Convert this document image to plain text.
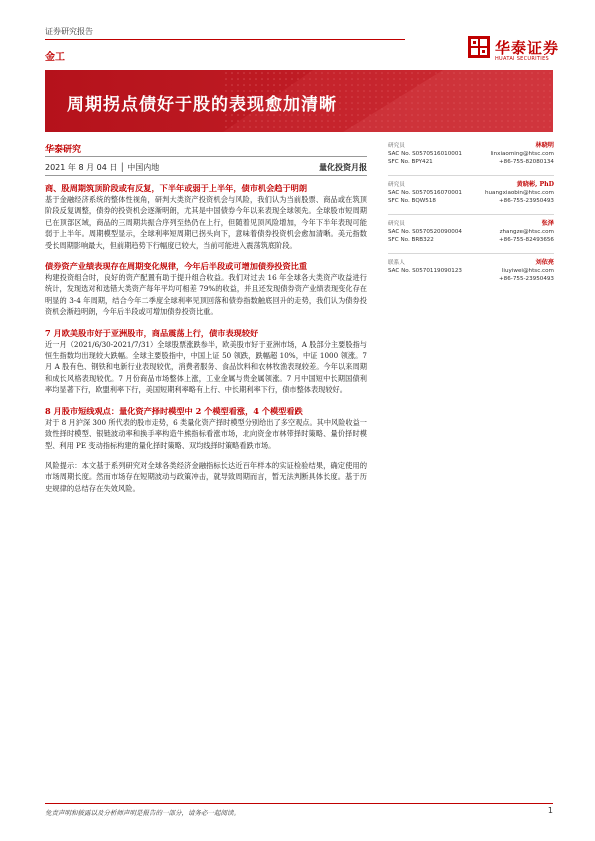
证券研究报告
金工
华泰证券
HUATAI SECURITIES
周期拐点债好于股的表现愈加清晰
华泰研究
2021 年 8 月 04 日 │ 中国内地	量化投资月报
商、股周期筑顶阶段或有反复，下半年或弱于上半年，债市机会趋于明朗
基于金融经济系统的整体性视角，研判大类资产投资机会与风险，我们认为当前股票、商品或在筑顶阶段反复调整，债券的投资机会逐渐明朗，尤其是中国债券今年以来表现全球领先。全球股市短周期已在顶部区域，商品的三周期共振合序列至热仍在上行，但随着见顶风险增加，今年下半年表现可能弱于上半年。周期模型显示，全球利率短周期已拐头向下，意味着债券投资机会愈加清晰。美元指数受长周期影响最大，但前期趋势下行幅度已较大，当前可能进入震荡筑底阶段。
债券资产业绩表现存在周期变化规律，今年后半段或可增加债券投资比重
构建投资组合时，良好的资产配置有助于提升组合收益。我们对过去 16 年全球各大类资产收益进行统计，发现选对和选错大类资产每年平均可相差 79%的收益，并且还发现债券资产业绩表现变化存在明显的 3-4 年周期，结合今年二季度全球利率见顶回落和债券指数触底回升的走势，我们认为债券投资机会渐趋明朗，今年后半段或可增加债券投资比重。
7 月欧美股市好于亚洲股市，商品震荡上行，债市表现较好
近一月（2021/6/30-2021/7/31）全球股票涨跌参半，欧美股市好于亚洲市场，A 股部分主要股指与恒生指数均出现较大跌幅。全球主要股指中，中国上证 50 领跌，跌幅超 10%，中证 1000 领涨。7 月 A 股有色、钢铁和电新行业表现较优，消费者服务、食品饮料和农林牧渔表现较差。今年以来周期和成长风格表现较优。7 月份商品市场整体上涨，工业金属与贵金属领涨。7 月中国短中长期国债利率均显著下行，欧盟利率下行，美国短期利率略有上行、中长期利率下行，债市整体表现较好。
8 月股市短线观点：量化资产择时模型中 2 个模型看涨，4 个模型看跌
对于 8 月沪深 300 所代表的股市走势，6 类量化资产择时模型分别给出了多空观点。其中风险收益一致性择时模型、银链波动率和换手率构造牛熊指标看涨市场，北向资金市林带择时策略、量价择时模型、利用 PE 变动指标构建的量化择时策略、双均线择时策略看跌市场。
风险提示：本文基于系列研究对全球各类经济金融指标长达近百年样本的实证检验结果，确定使用的市场周期长度。然而市场存在短期波动与政策冲击，就导致周期而言，暂无法判断具体长度。基于历史规律的总结存在失效风险。
研究员	林晓明
SAC No. S0570516010001	linxiaoming@htsc.com
SFC No. BPY421	+86-755-82080134
研究员	黄晓彬, PhD
SAC No. S0570516070001	huangxiaobin@htsc.com
SFC No. BQW518	+86-755-23950493
研究员	张泽
SAC No. S0570520090004	zhangze@htsc.com
SFC No. BRB322	+86-755-82493656
联系人	刘依亮
SAC No. S0570119090123	liuyiwei@htsc.com
+86-755-23950493
免责声明和披露以及分析师声明是报告的一部分，请务必一起阅读。	1
